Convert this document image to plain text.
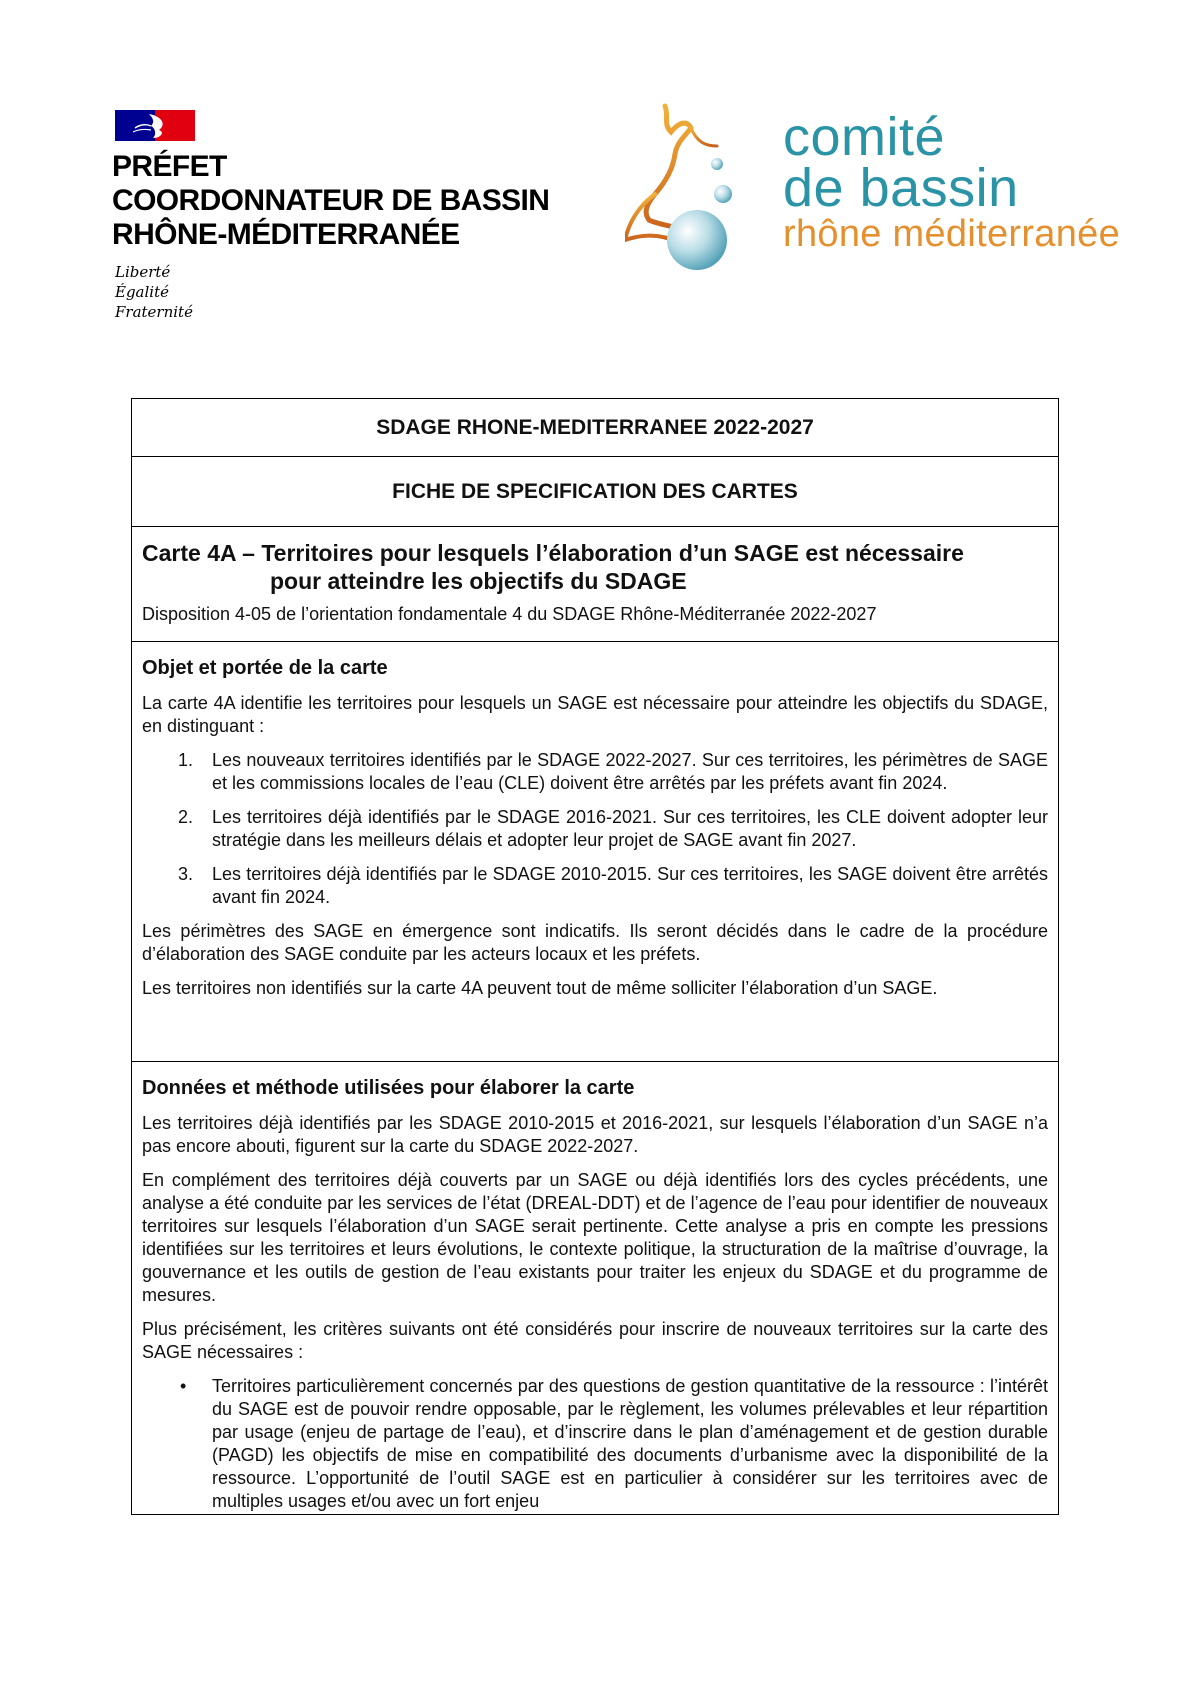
PRÉFET
COORDONNATEUR DE BASSIN
RHÔNE-MÉDITERRANÉE
Liberté
Égalité
Fraternité
comité
de bassin
rhône méditerranée
SDAGE RHONE-MEDITERRANEE 2022-2027
FICHE DE SPECIFICATION DES CARTES
Carte 4A – Territoires pour lesquels l’élaboration d’un SAGE est nécessaire
pour atteindre les objectifs du SDAGE
Disposition 4-05 de l’orientation fondamentale 4 du SDAGE Rhône-Méditerranée 2022-2027
Objet et portée de la carte

La carte 4A identifie les territoires pour lesquels un SAGE est nécessaire pour atteindre les objectifs du SDAGE, en distinguant :

1. Les nouveaux territoires identifiés par le SDAGE 2022-2027. Sur ces territoires, les périmètres de SAGE et les commissions locales de l’eau (CLE) doivent être arrêtés par les préfets avant fin 2024.
2. Les territoires déjà identifiés par le SDAGE 2016-2021. Sur ces territoires, les CLE doivent adopter leur stratégie dans les meilleurs délais et adopter leur projet de SAGE avant fin 2027.
3. Les territoires déjà identifiés par le SDAGE 2010-2015. Sur ces territoires, les SAGE doivent être arrêtés avant fin 2024.

Les périmètres des SAGE en émergence sont indicatifs. Ils seront décidés dans le cadre de la procédure d’élaboration des SAGE conduite par les acteurs locaux et les préfets.

Les territoires non identifiés sur la carte 4A peuvent tout de même solliciter l’élaboration d’un SAGE.

Données et méthode utilisées pour élaborer la carte

Les territoires déjà identifiés par les SDAGE 2010-2015 et 2016-2021, sur lesquels l’élaboration d’un SAGE n’a pas encore abouti, figurent sur la carte du SDAGE 2022-2027.

En complément des territoires déjà couverts par un SAGE ou déjà identifiés lors des cycles précédents, une analyse a été conduite par les services de l’état (DREAL-DDT) et de l’agence de l’eau pour identifier de nouveaux territoires sur lesquels l’élaboration d’un SAGE serait pertinente. Cette analyse a pris en compte les pressions identifiées sur les territoires et leurs évolutions, le contexte politique, la structuration de la maîtrise d’ouvrage, la gouvernance et les outils de gestion de l’eau existants pour traiter les enjeux du SDAGE et du programme de mesures.

Plus précisément, les critères suivants ont été considérés pour inscrire de nouveaux territoires sur la carte des SAGE nécessaires :

• Territoires particulièrement concernés par des questions de gestion quantitative de la ressource : l’intérêt du SAGE est de pouvoir rendre opposable, par le règlement, les volumes prélevables et leur répartition par usage (enjeu de partage de l’eau), et d’inscrire dans le plan d’aménagement et de gestion durable (PAGD) les objectifs de mise en compatibilité des documents d’urbanisme avec la disponibilité de la ressource. L’opportunité de l’outil SAGE est en particulier à considérer sur les territoires avec de multiples usages et/ou avec un fort enjeu
